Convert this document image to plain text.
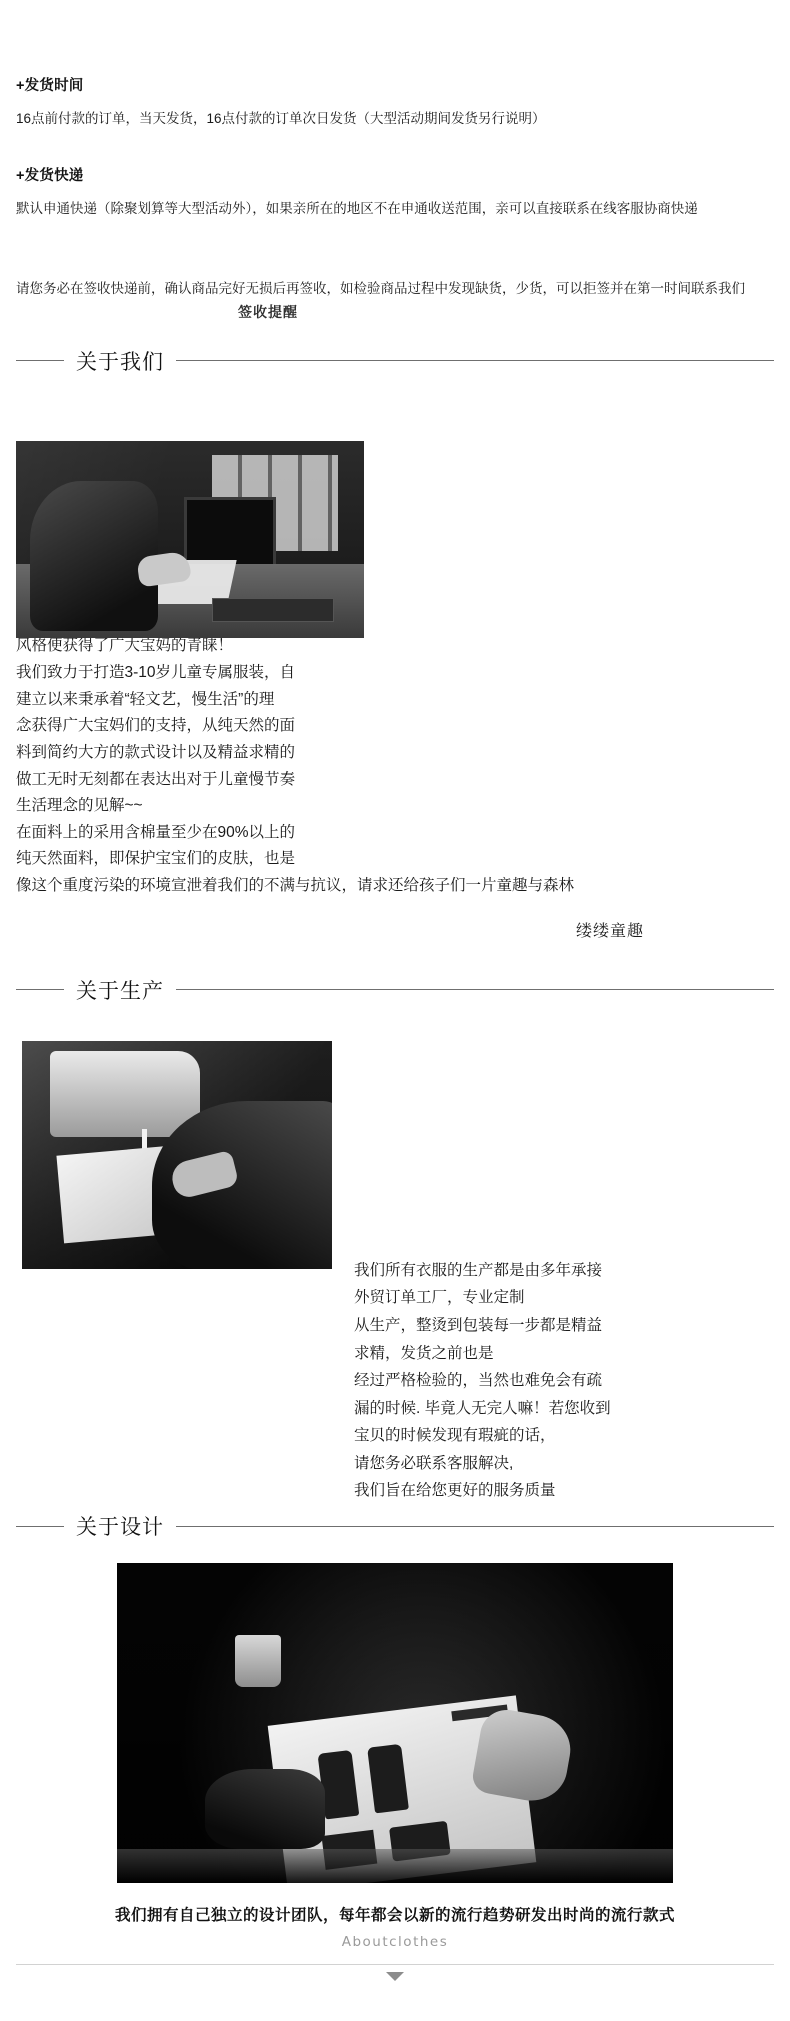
+发货时间

16点前付款的订单，当天发货，16点付款的订单次日发货（大型活动期间发货另行说明）

+发货快递

默认申通快递（除聚划算等大型活动外），如果亲所在的地区不在申通收送范围，亲可以直接联系在线客服协商快递

请您务必在签收快递前，确认商品完好无损后再签收，如检验商品过程中发现缺货，少货，可以拒签并在第一时间联系我们

签收提醒
关于我们

风格便获得了广大宝妈的青睐！

我们致力于打造3-10岁儿童专属服装，自

建立以来秉承着“轻文艺，慢生活”的理

念获得广大宝妈们的支持，从纯天然的面

料到简约大方的款式设计以及精益求精的

做工无时无刻都在表达出对于儿童慢节奏

生活理念的见解~~

在面料上的采用含棉量至少在90%以上的

纯天然面料，即保护宝宝们的皮肤，也是

像这个重度污染的环境宣泄着我们的不满与抗议，请求还给孩子们一片童趣与森林

缕缕童趣
关于生产

我们所有衣服的生产都是由多年承接

外贸订单工厂，专业定制

从生产，整烫到包装每一步都是精益

求精，发货之前也是

经过严格检验的，当然也难免会有疏

漏的时候. 毕竟人无完人嘛！若您收到

宝贝的时候发现有瑕疵的话，

请您务必联系客服解决,

我们旨在给您更好的服务质量

关于设计
我们拥有自己独立的设计团队，每年都会以新的流行趋势研发出时尚的流行款式
Aboutclothes
